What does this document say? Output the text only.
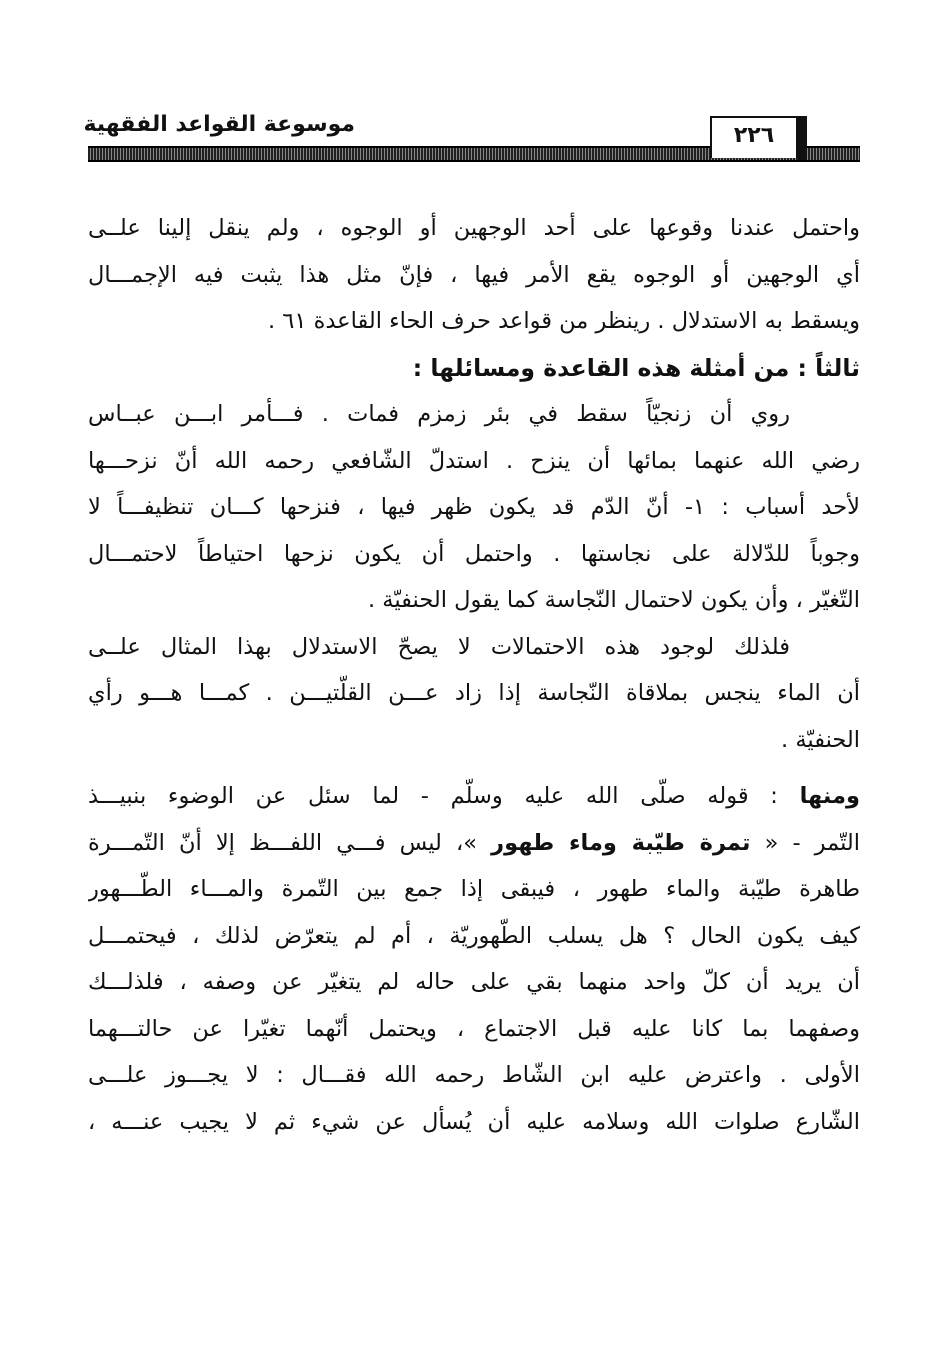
موسوعة القواعد الفقهية	٢٢٦
واحتمل عندنا وقوعها على أحد الوجهين أو الوجوه ، ولم ينقل إلينا علــى
أي الوجهين أو الوجوه يقع الأمر فيها ، فإنّ مثل هذا يثبت فيه الإجمـــال
ويسقط به الاستدلال . رينظر من قواعد حرف الحاء القاعدة ٦١ .
ثالثاً : من أمثلة هذه القاعدة ومسائلها :
روي أن زنجيّاً سقط في بئر زمزم فمات . فـــأمر ابـــن عبــاس
رضي الله عنهما بمائها أن ينزح . استدلّ الشّافعي رحمه الله أنّ نزحـــها
لأحد أسباب : ١- أنّ الدّم قد يكون ظهر فيها ، فنزحها كـــان تنظيفـــاً لا
وجوباً للدّلالة على نجاستها . واحتمل أن يكون نزحها احتياطاً لاحتمـــال
التّغيّر ، وأن يكون لاحتمال النّجاسة كما يقول الحنفيّة .
فلذلك لوجود هذه الاحتمالات لا يصحّ الاستدلال بهذا المثال علــى
أن الماء ينجس بملاقاة النّجاسة إذا زاد عـــن القلّتيـــن . كمـــا هـــو رأي
الحنفيّة .
ومنها : قوله صلّى الله عليه وسلّم - لما سئل عن الوضوء بنبيـــذ
التّمر - « تمرة طيّبة وماء طهور »، ليس فـــي اللفـــظ إلا أنّ التّمـــرة
طاهرة طيّبة والماء طهور ، فيبقى إذا جمع بين التّمرة والمـــاء الطّـــهور
كيف يكون الحال ؟ هل يسلب الطّهوريّة ، أم لم يتعرّض لذلك ، فيحتمـــل
أن يريد أن كلّ واحد منهما بقي على حاله لم يتغيّر عن وصفه ، فلذلـــك
وصفهما بما كانا عليه قبل الاجتماع ، ويحتمل أنّهما تغيّرا عن حالتـــهما
الأولى . واعترض عليه ابن الشّاط رحمه الله فقـــال : لا يجـــوز علـــى
الشّارع صلوات الله وسلامه عليه أن يُسأل عن شيء ثم لا يجيب عنـــه ،
